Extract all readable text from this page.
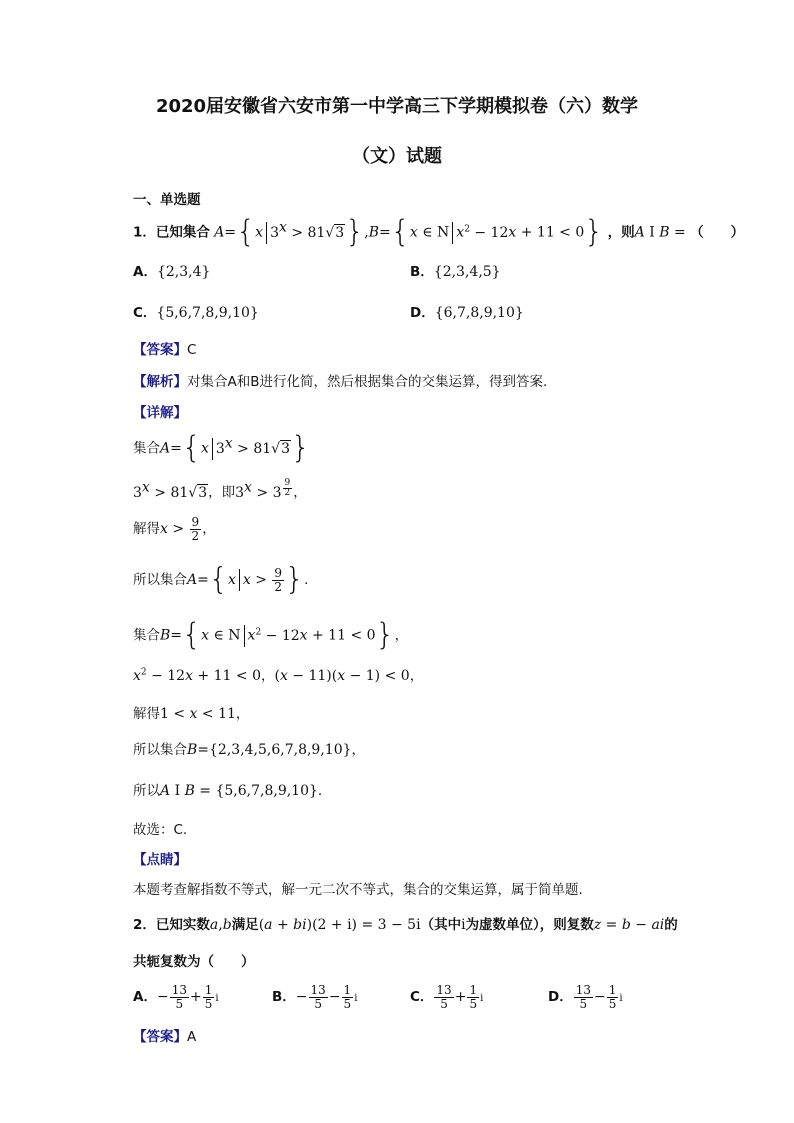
2020届安徽省六安市第一中学高三下学期模拟卷（六）数学
（文）试题
一、单选题
1．已知集合 A={x $3^x > 81√3\},B=\{x$ ∈ N $x^2 - 12x + 11 < 0$} ，则A I B = （　　）
A．{2,3,4}	B．{2,3,4,5}
C．{5,6,7,8,9,10}	D．{6,7,8,9,10}
【答案】C
【解析】对集合A和B进行化简，然后根据集合的交集运算，得到答案.
【详解】
集合A={x $3^x > 81√3$}
$3^x > 81√3$，即$3^x > 3$ $^{\frac{9}{2}}$ ，
解得$x > \frac{9}{2}$ ，
所以集合A={x $x > \frac{9}{2}$ }.
集合B={x ∈ N $x^2 - 12x + 11 < 0$}，
$x^2 - 12x + 11 < 0$，(x − 11)(x − 1) < 0，
解得1 < x < 11，
所以集合B={2,3,4,5,6,7,8,9,10}，
所以A I B = {5,6,7,8,9,10}.
故选：C.
【点睛】
本题考查解指数不等式，解一元二次不等式，集合的交集运算，属于简单题.
2．已知实数a,b满足(a + bi)(2 + i) = 3 − 5i（其中i为虚数单位），则复数z = b − ai的
共轭复数为（　　）
A．− $\frac{13}{5} + \frac{1}{5}$ i	B．− $\frac{13}{5} - \frac{1}{5}$ i	C． $\frac{13}{5} + \frac{1}{5}$ i	D． $\frac{13}{5} - \frac{1}{5}$ i
【答案】A
